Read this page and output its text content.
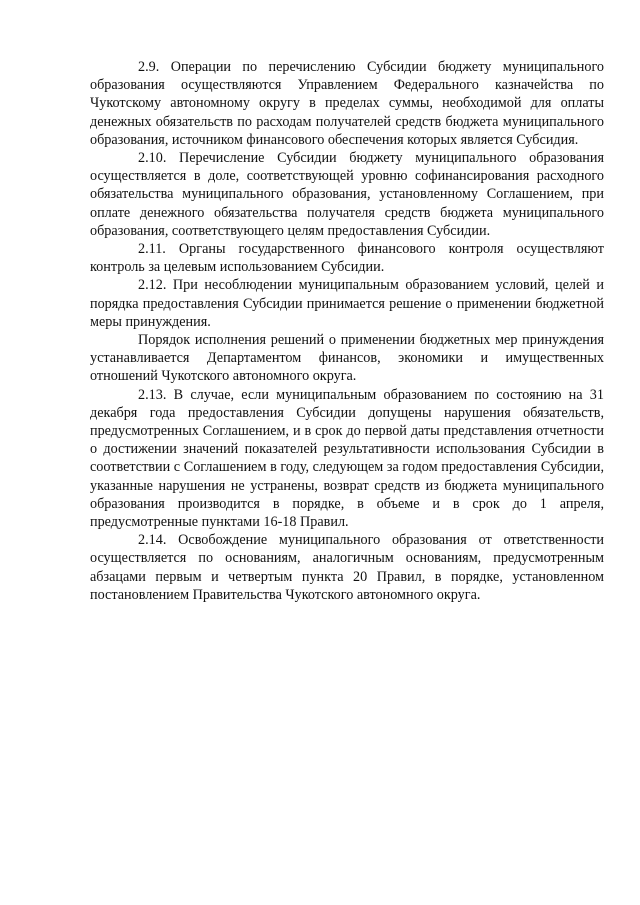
2.9. Операции по перечислению Субсидии бюджету муниципального образования осуществляются Управлением Федерального казначейства по Чукотскому автономному округу в пределах суммы, необходимой для оплаты денежных обязательств по расходам получателей средств бюджета муниципального образования, источником финансового обеспечения которых является Субсидия.

2.10. Перечисление Субсидии бюджету муниципального образования осуществляется в доле, соответствующей уровню софинансирования расходного обязательства муниципального образования, установленному Соглашением, при оплате денежного обязательства получателя средств бюджета муниципального образования, соответствующего целям предоставления Субсидии.

2.11. Органы государственного финансового контроля осуществляют контроль за целевым использованием Субсидии.

2.12. При несоблюдении муниципальным образованием условий, целей и порядка предоставления Субсидии принимается решение о применении бюджетной меры принуждения.

Порядок исполнения решений о применении бюджетных мер принуждения устанавливается Департаментом финансов, экономики и имущественных отношений Чукотского автономного округа.

2.13. В случае, если муниципальным образованием по состоянию на 31 декабря года предоставления Субсидии допущены нарушения обязательств, предусмотренных Соглашением, и в срок до первой даты представления отчетности о достижении значений показателей результативности использования Субсидии в соответствии с Соглашением в году, следующем за годом предоставления Субсидии, указанные нарушения не устранены, возврат средств из бюджета муниципального образования производится в порядке, в объеме и в срок до 1 апреля, предусмотренные пунктами 16-18 Правил.

2.14. Освобождение муниципального образования от ответственности осуществляется по основаниям, аналогичным основаниям, предусмотренным абзацами первым и четвертым пункта 20 Правил, в порядке, установленном постановлением Правительства Чукотского автономного округа.
